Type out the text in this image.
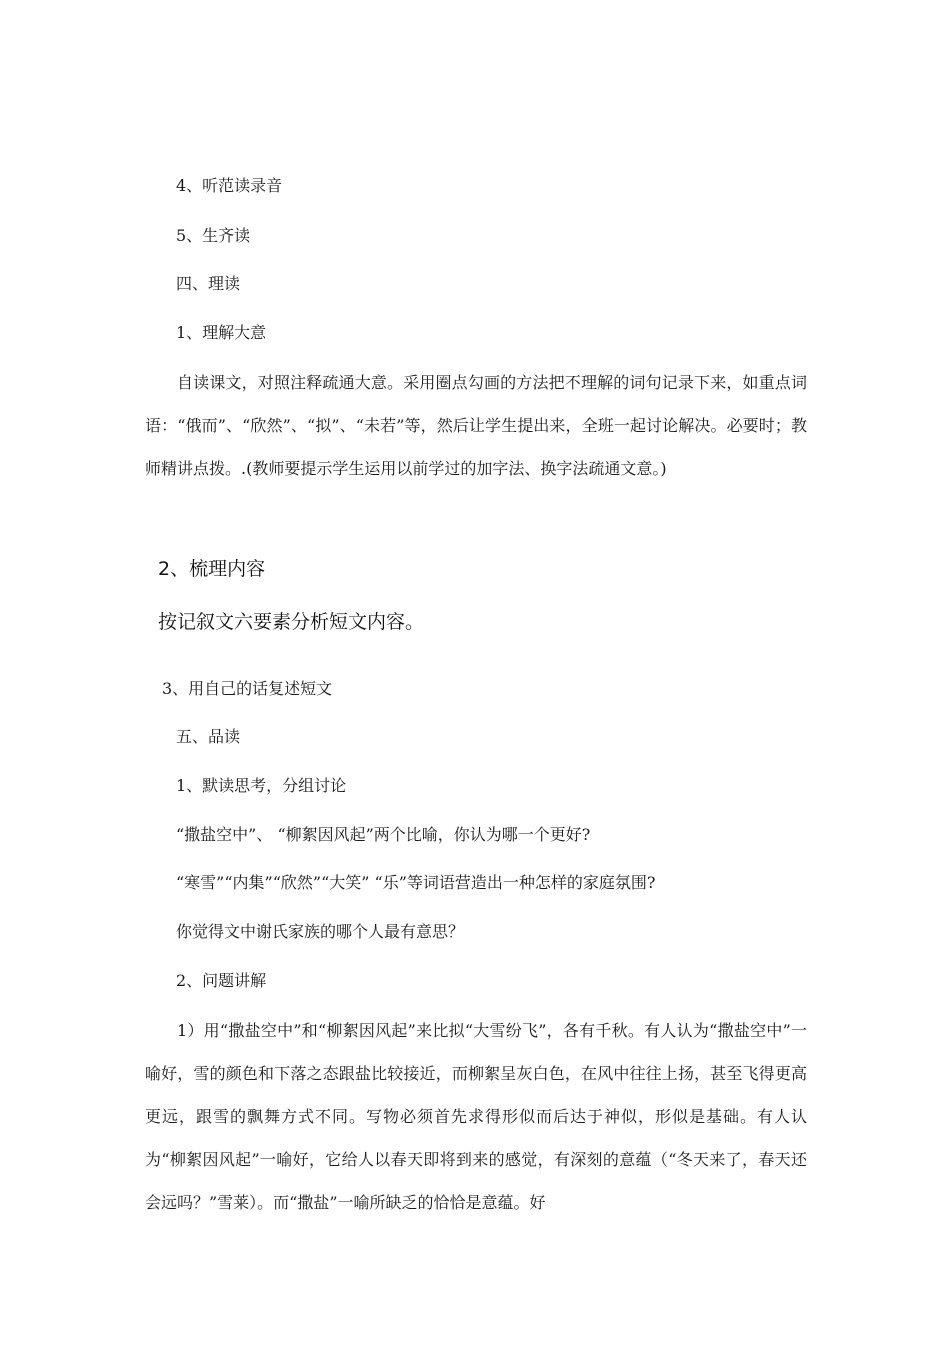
4、听范读录音
5、生齐读
四、理读
1、理解大意
自读课文，对照注释疏通大意。采用圈点勾画的方法把不理解的词句记录下来，如重点词语：“俄而”、“欣然”、“拟”、“未若”等，然后让学生提出来，全班一起讨论解决。必要时；教师精讲点拨。.(教师要提示学生运用以前学过的加字法、换字法疏通文意。)
2、梳理内容
按记叙文六要素分析短文内容。
3、用自己的话复述短文
五、品读
1、默读思考，分组讨论
“撒盐空中”、 “柳絮因风起”两个比喻，你认为哪一个更好?
“寒雪”“内集”“欣然”“大笑” “乐”等词语营造出一种怎样的家庭氛围?
你觉得文中谢氏家族的哪个人最有意思？
2、问题讲解
1）用“撒盐空中”和“柳絮因风起”来比拟“大雪纷飞”，各有千秋。有人认为“撒盐空中”一喻好，雪的颜色和下落之态跟盐比较接近，而柳絮呈灰白色，在风中往往上扬，甚至飞得更高更远，跟雪的飘舞方式不同。写物必须首先求得形似而后达于神似，形似是基础。有人认为“柳絮因风起”一喻好，它给人以春天即将到来的感觉，有深刻的意蕴（“冬天来了，春天还会远吗？”雪莱）。而“撒盐”一喻所缺乏的恰恰是意蕴。好
